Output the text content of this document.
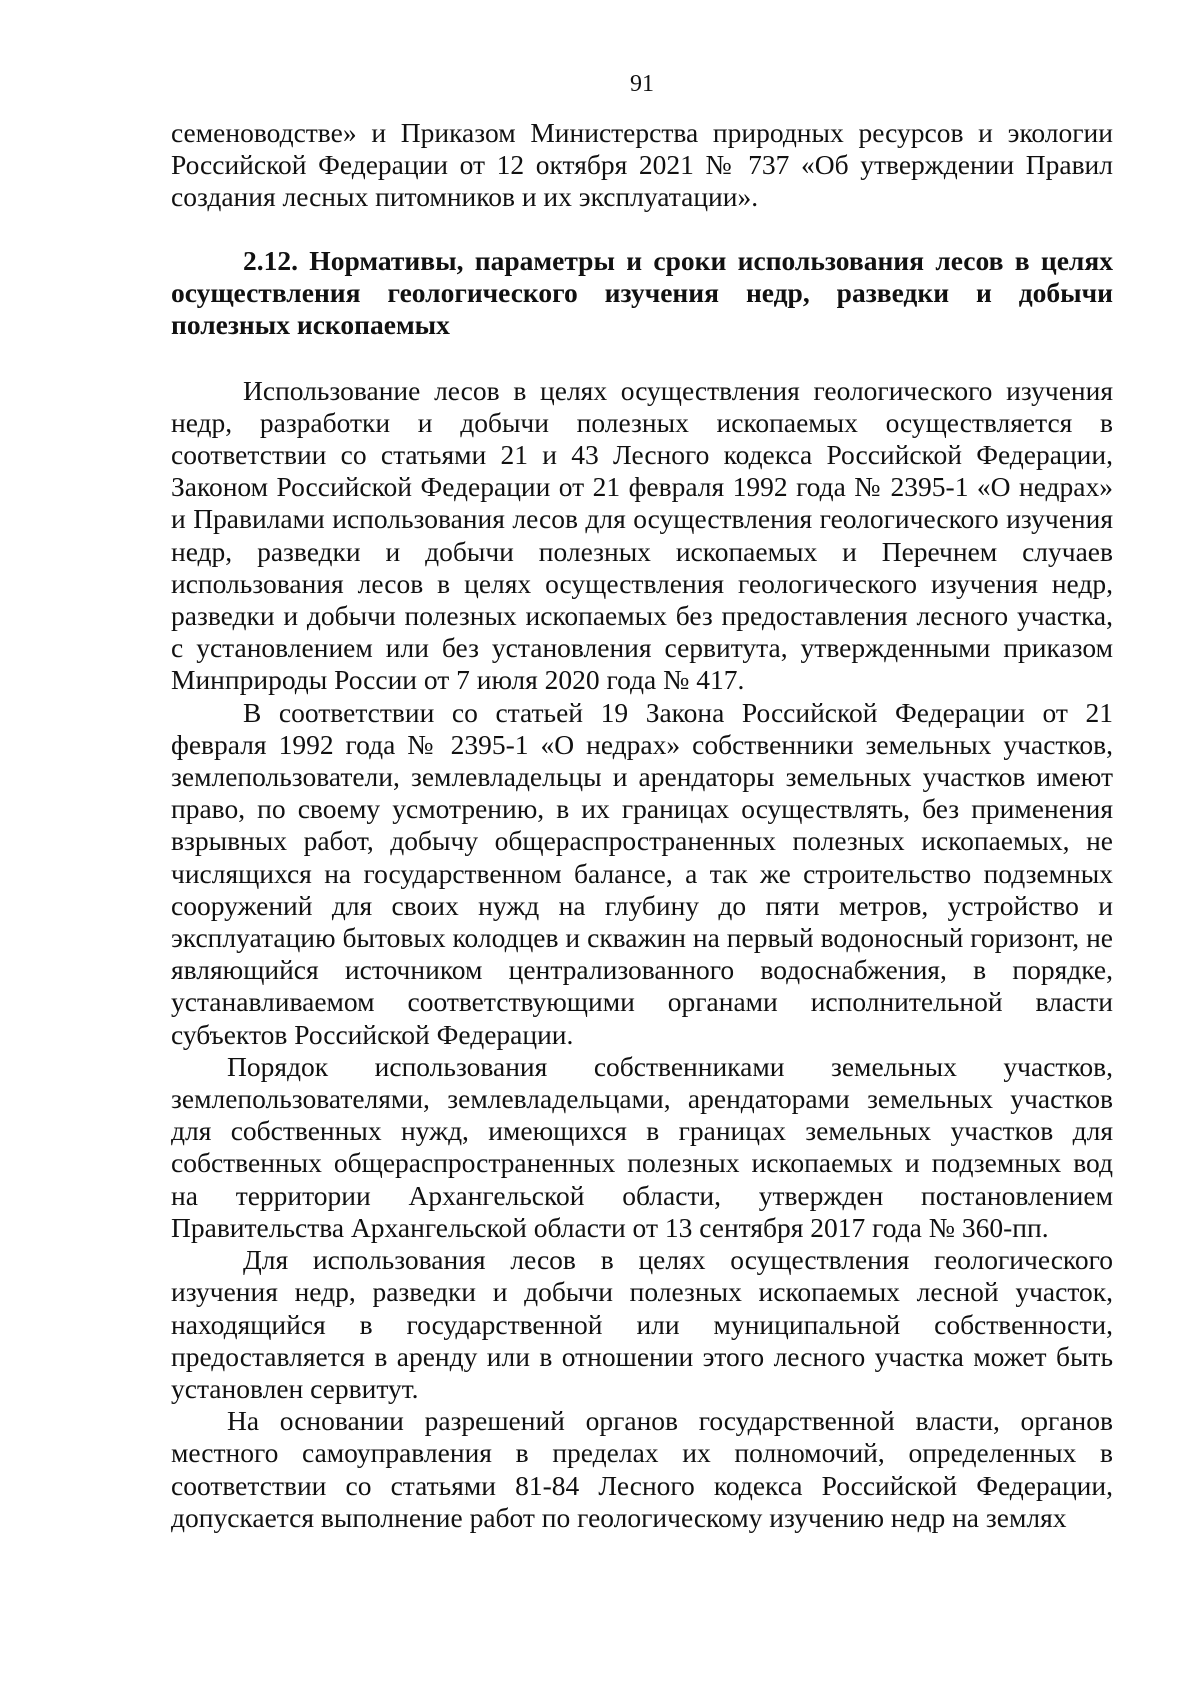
91

семеноводстве» и Приказом Министерства природных ресурсов и экологии Российской Федерации от 12 октября 2021 № 737 «Об утверждении Правил создания лесных питомников и их эксплуатации».

2.12. Нормативы, параметры и сроки использования лесов в целях осуществления геологического изучения недр, разведки и добычи полезных ископаемых

Использование лесов в целях осуществления геологического изучения недр, разработки и добычи полезных ископаемых осуществляется в соответствии со статьями 21 и 43 Лесного кодекса Российской Федерации, Законом Российской Федерации от 21 февраля 1992 года № 2395-1 «О недрах» и Правилами использования лесов для осуществления геологического изучения недр, разведки и добычи полезных ископаемых и Перечнем случаев использования лесов в целях осуществления геологического изучения недр, разведки и добычи полезных ископаемых без предоставления лесного участка, с установлением или без установления сервитута, утвержденными приказом Минприроды России от 7 июля 2020 года № 417.

В соответствии со статьей 19 Закона Российской Федерации от 21 февраля 1992 года № 2395-1 «О недрах» собственники земельных участков, землепользователи, землевладельцы и арендаторы земельных участков имеют право, по своему усмотрению, в их границах осуществлять, без применения взрывных работ, добычу общераспространенных полезных ископаемых, не числящихся на государственном балансе, а так же строительство подземных сооружений для своих нужд на глубину до пяти метров, устройство и эксплуатацию бытовых колодцев и скважин на первый водоносный горизонт, не являющийся источником централизованного водоснабжения, в порядке, устанавливаемом соответствующими органами исполнительной власти субъектов Российской Федерации.

Порядок использования собственниками земельных участков, землепользователями, землевладельцами, арендаторами земельных участков для собственных нужд, имеющихся в границах земельных участков для собственных общераспространенных полезных ископаемых и подземных вод на территории Архангельской области, утвержден постановлением Правительства Архангельской области от 13 сентября 2017 года № 360-пп.

Для использования лесов в целях осуществления геологического изучения недр, разведки и добычи полезных ископаемых лесной участок, находящийся в государственной или муниципальной собственности, предоставляется в аренду или в отношении этого лесного участка может быть установлен сервитут.

На основании разрешений органов государственной власти, органов местного самоуправления в пределах их полномочий, определенных в соответствии со статьями 81-84 Лесного кодекса Российской Федерации, допускается выполнение работ по геологическому изучению недр на землях
